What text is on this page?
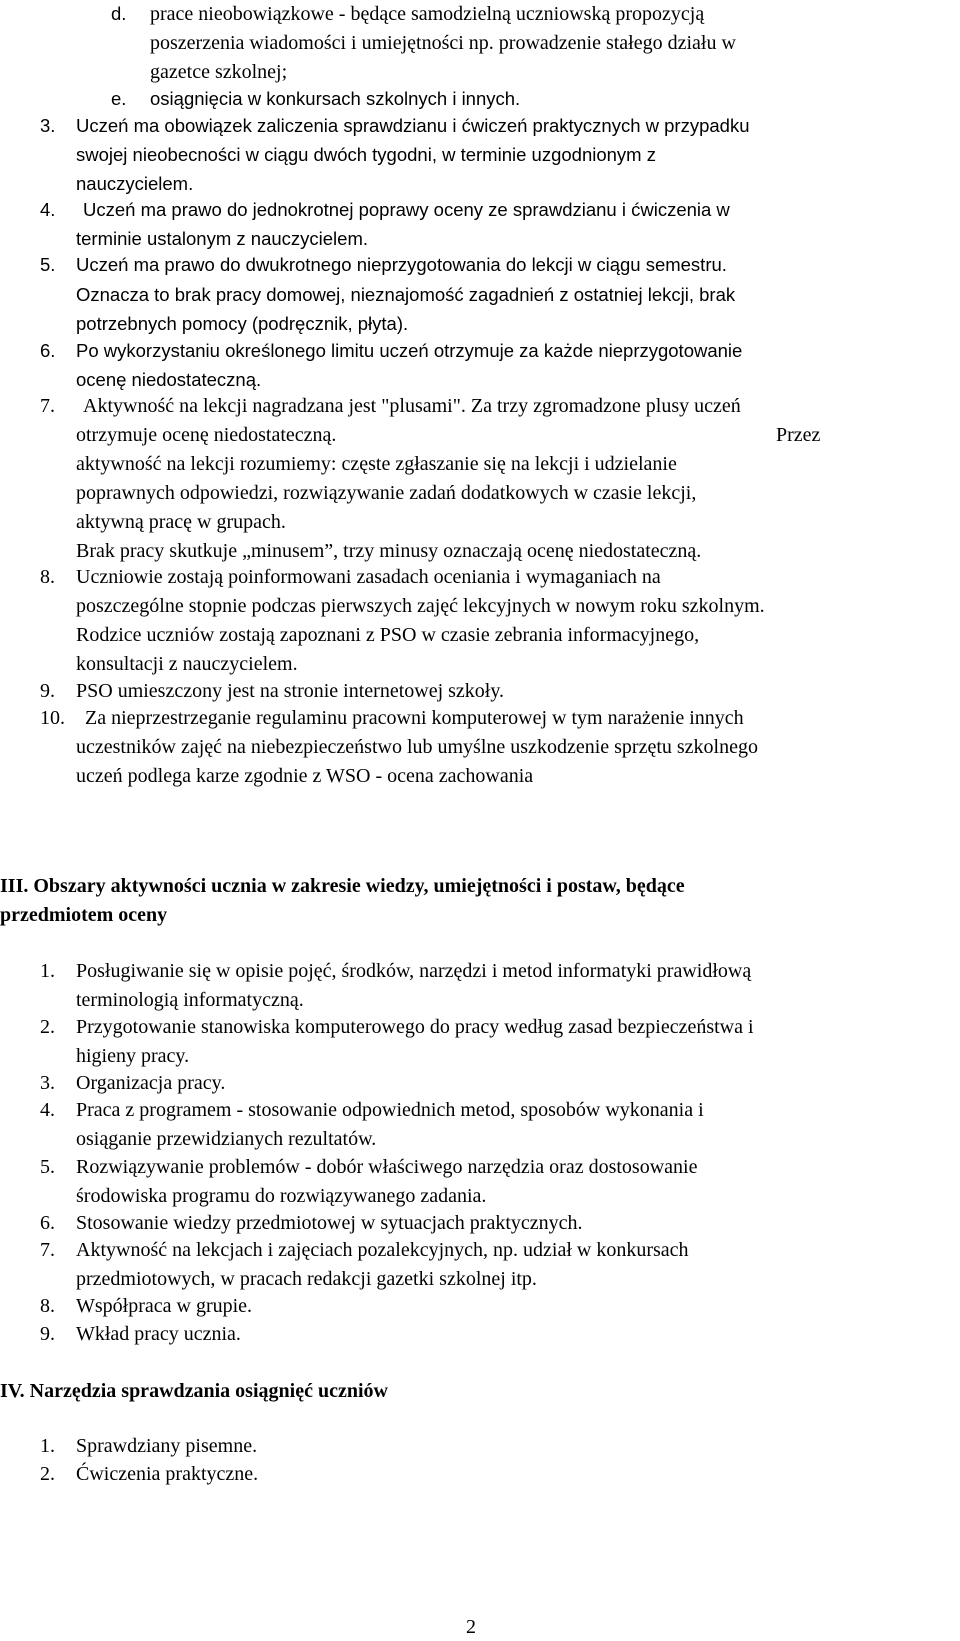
d. prace nieobowiązkowe - będące samodzielną uczniowską propozycją
poszerzenia wiadomości i umiejętności np. prowadzenie stałego działu w
gazetce szkolnej;
e. osiągnięcia w konkursach szkolnych i innych.
3. Uczeń ma obowiązek zaliczenia sprawdzianu i ćwiczeń praktycznych w przypadku
swojej nieobecności w ciągu dwóch tygodni, w terminie uzgodnionym z
nauczycielem.
4. Uczeń ma prawo do jednokrotnej poprawy oceny ze sprawdzianu i ćwiczenia w
terminie ustalonym z nauczycielem.
5. Uczeń ma prawo do dwukrotnego nieprzygotowania do lekcji w ciągu semestru.
Oznacza to brak pracy domowej, nieznajomość zagadnień z ostatniej lekcji, brak
potrzebnych pomocy (podręcznik, płyta).
6. Po wykorzystaniu określonego limitu uczeń otrzymuje za każde nieprzygotowanie
ocenę niedostateczną.
7. Aktywność na lekcji nagradzana jest "plusami". Za trzy zgromadzone plusy uczeń
otrzymuje ocenę niedostateczną.	Przez
aktywność na lekcji rozumiemy: częste zgłaszanie się na lekcji i udzielanie
poprawnych odpowiedzi, rozwiązywanie zadań dodatkowych w czasie lekcji,
aktywną pracę w grupach.
Brak pracy skutkuje „minusem”, trzy minusy oznaczają ocenę niedostateczną.
8. Uczniowie zostają poinformowani zasadach oceniania i wymaganiach na
poszczególne stopnie podczas pierwszych zajęć lekcyjnych w nowym roku szkolnym.
Rodzice uczniów zostają zapoznani z PSO w czasie zebrania informacyjnego,
konsultacji z nauczycielem.
9. PSO umieszczony jest na stronie internetowej szkoły.
10. Za nieprzestrzeganie regulaminu pracowni komputerowej w tym narażenie innych
uczestników zajęć na niebezpieczeństwo lub umyślne uszkodzenie sprzętu szkolnego
uczeń podlega karze zgodnie z WSO - ocena zachowania
III. Obszary aktywności ucznia w zakresie wiedzy, umiejętności i postaw, będące
przedmiotem oceny
1. Posługiwanie się w opisie pojęć, środków, narzędzi i metod informatyki prawidłową
terminologią informatyczną.
2. Przygotowanie stanowiska komputerowego do pracy według zasad bezpieczeństwa i
higieny pracy.
3. Organizacja pracy.
4. Praca z programem - stosowanie odpowiednich metod, sposobów wykonania i
osiąganie przewidzianych rezultatów.
5. Rozwiązywanie problemów - dobór właściwego narzędzia oraz dostosowanie
środowiska programu do rozwiązywanego zadania.
6. Stosowanie wiedzy przedmiotowej w sytuacjach praktycznych.
7. Aktywność na lekcjach i zajęciach pozalekcyjnych, np. udział w konkursach
przedmiotowych, w pracach redakcji gazetki szkolnej itp.
8. Współpraca w grupie.
9. Wkład pracy ucznia.
IV. Narzędzia sprawdzania osiągnięć uczniów
1. Sprawdziany pisemne.
2. Ćwiczenia praktyczne.
2
